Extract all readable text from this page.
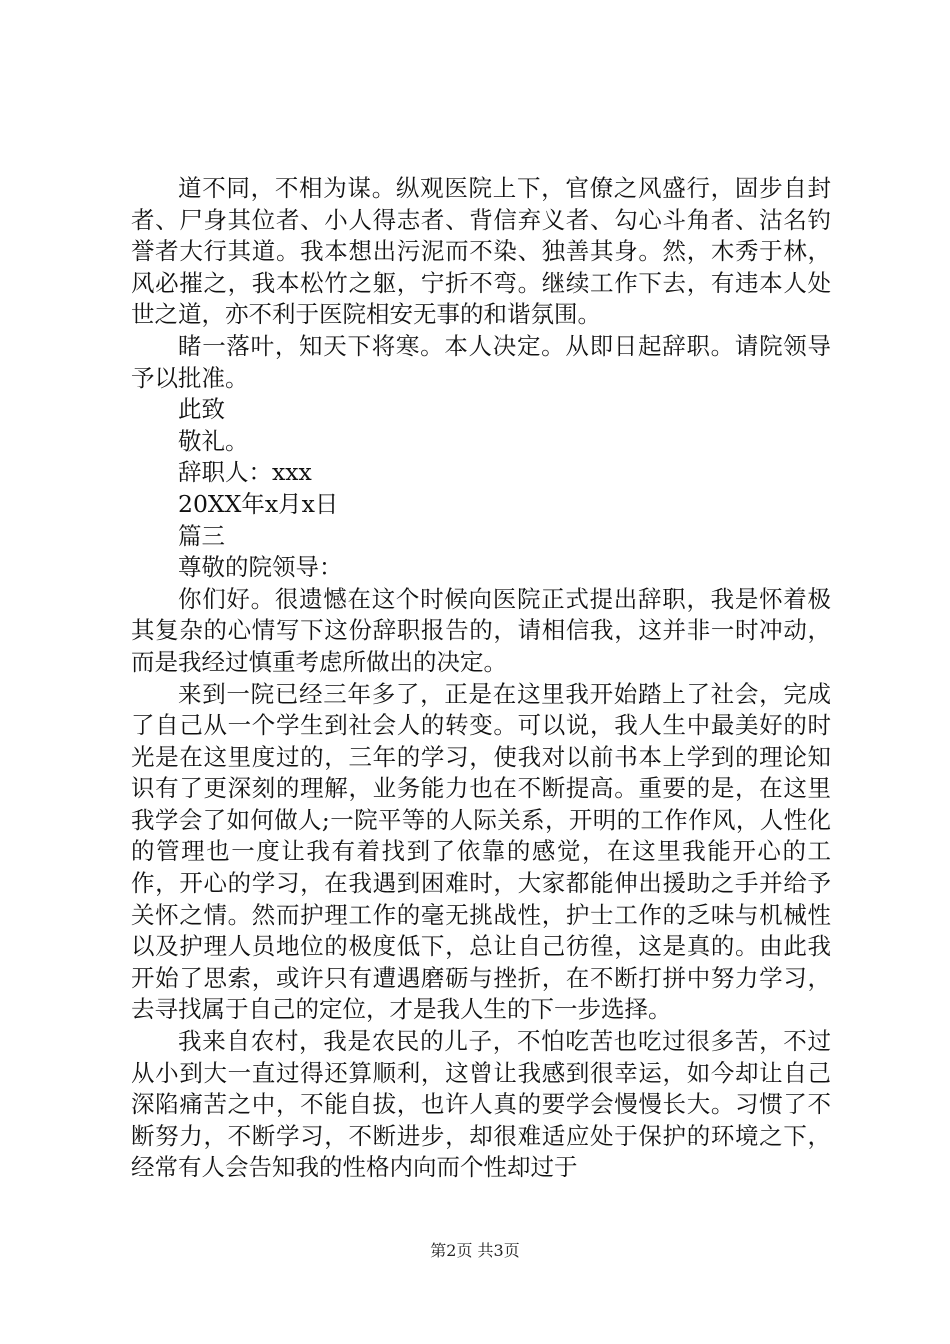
道不同，不相为谋。纵观医院上下，官僚之风盛行，固步自封者、尸身其位者、小人得志者、背信弃义者、勾心斗角者、沽名钓誉者大行其道。我本想出污泥而不染、独善其身。然，木秀于林，风必摧之，我本松竹之躯，宁折不弯。继续工作下去，有违本人处世之道，亦不利于医院相安无事的和谐氛围。

睹一落叶，知天下将寒。本人决定。从即日起辞职。请院领导予以批准。

此致

敬礼。

辞职人：xxx

20XX年x月x日

篇三

尊敬的院领导：

你们好。很遗憾在这个时候向医院正式提出辞职，我是怀着极其复杂的心情写下这份辞职报告的，请相信我，这并非一时冲动，而是我经过慎重考虑所做出的决定。

来到一院已经三年多了，正是在这里我开始踏上了社会，完成了自己从一个学生到社会人的转变。可以说，我人生中最美好的时光是在这里度过的，三年的学习，使我对以前书本上学到的理论知识有了更深刻的理解，业务能力也在不断提高。重要的是，在这里我学会了如何做人;一院平等的人际关系，开明的工作作风，人性化的管理也一度让我有着找到了依靠的感觉，在这里我能开心的工作，开心的学习，在我遇到困难时，大家都能伸出援助之手并给予关怀之情。然而护理工作的毫无挑战性，护士工作的乏味与机械性以及护理人员地位的极度低下，总让自己彷徨，这是真的。由此我开始了思索，或许只有遭遇磨砺与挫折，在不断打拼中努力学习，去寻找属于自己的定位，才是我人生的下一步选择。

我来自农村，我是农民的儿子，不怕吃苦也吃过很多苦，不过从小到大一直过得还算顺利，这曾让我感到很幸运，如今却让自己深陷痛苦之中，不能自拔，也许人真的要学会慢慢长大。习惯了不断努力，不断学习，不断进步，却很难适应处于保护的环境之下，经常有人会告知我的性格内向而个性却过于

第2页 共3页
